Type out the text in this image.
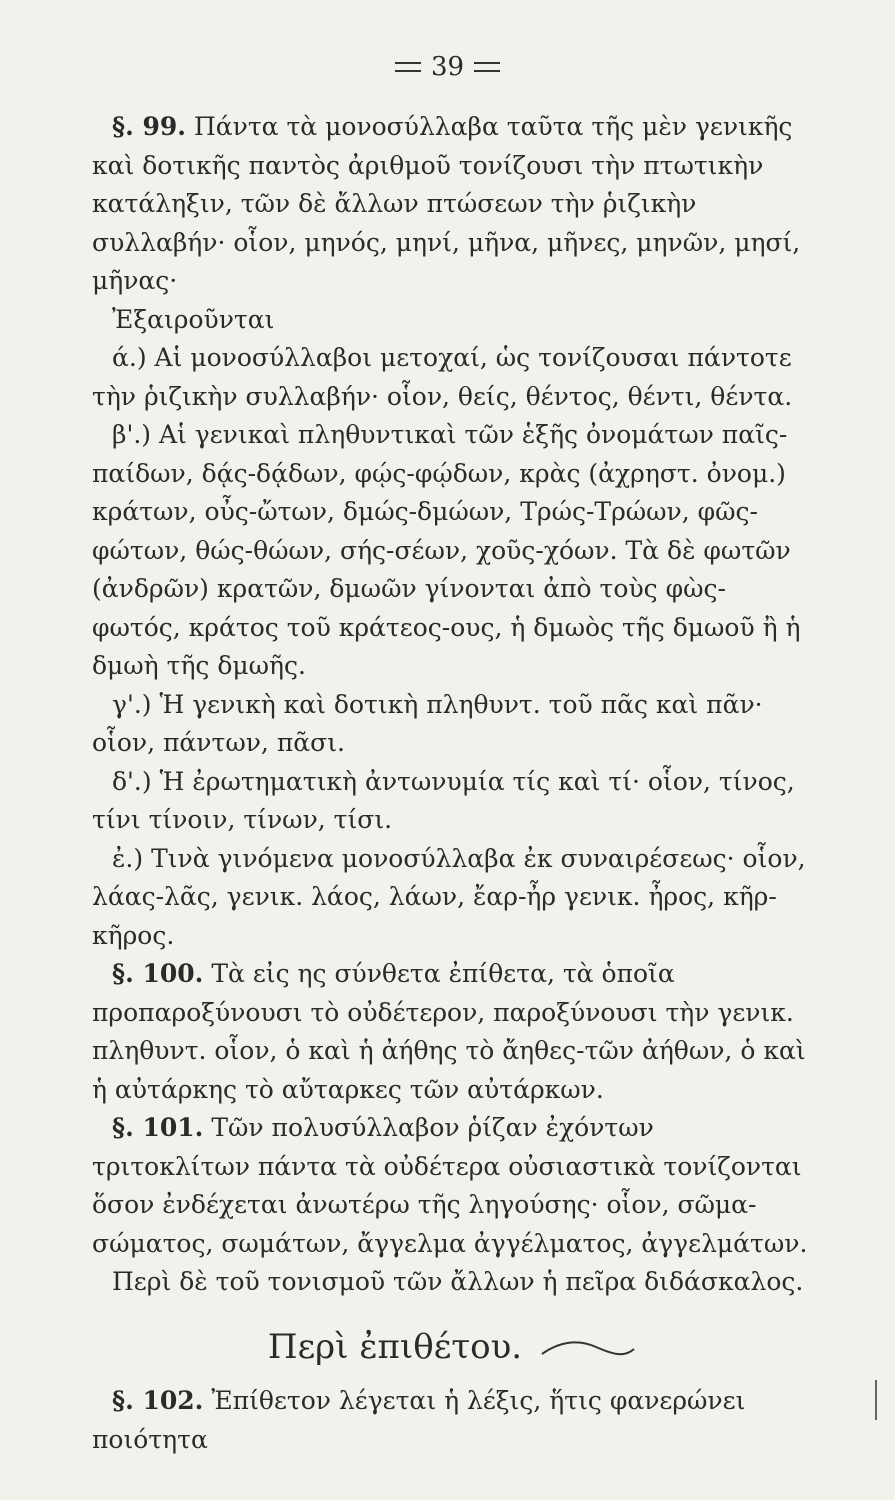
39

§. 99. Πάντα τὰ μονοσύλλαβα ταῦτα τῆς μὲν γενικῆς καὶ δοτικῆς παντὸς ἀριθμοῦ τονίζουσι τὴν πτωτικὴν κατάληξιν, τῶν δὲ ἄλλων πτώσεων τὴν ῥιζικὴν συλλαβήν· οἷον, μηνός, μηνί, μῆνα, μῆνες, μηνῶν, μησί, μῆνας·

Ἐξαιροῦνται

ά.) Αἱ μονοσύλλαβοι μετοχαί, ὡς τονίζουσαι πάντοτε τὴν ῥιζικὴν συλλαβήν· οἷον, θείς, θέντος, θέντι, θέντα.

β'.) Αἱ γενικαὶ πληθυντικαὶ τῶν ἑξῆς ὀνομάτων παῖς-παίδων, δᾴς-δᾴδων, φῴς-φῴδων, κρὰς (ἀχρηστ. ὀνομ.) κράτων, οὖς-ὤτων, δμώς-δμώων, Τρώς-Τρώων, φῶς-φώτων, θώς-θώων, σής-σέων, χοῦς-χόων. Τὰ δὲ φωτῶν (ἀνδρῶν) κρατῶν, δμωῶν γίνονται ἀπὸ τοὺς φὼς-φωτός, κράτος τοῦ κράτεος-ους, ἡ δμωὸς τῆς δμωοῦ ἢ ἡ δμωὴ τῆς δμωῆς.

γ'.) Ἡ γενικὴ καὶ δοτικὴ πληθυντ. τοῦ πᾶς καὶ πᾶν· οἷον, πάντων, πᾶσι.

δ'.) Ἡ ἐρωτηματικὴ ἀντωνυμία τίς καὶ τί· οἷον, τίνος, τίνι τίνοιν, τίνων, τίσι.

ἐ.) Τινὰ γινόμενα μονοσύλλαβα ἐκ συναιρέσεως· οἷον, λάας-λᾶς, γενικ. λάος, λάων, ἔαρ-ἦρ γενικ. ἦρος, κῆρ-κῆρος.

§. 100. Τὰ εἰς ης σύνθετα ἐπίθετα, τὰ ὁποῖα προπαροξύνουσι τὸ οὐδέτερον, παροξύνουσι τὴν γενικ. πληθυντ. οἷον, ὁ καὶ ἡ ἀήθης τὸ ἄηθες-τῶν ἀήθων, ὁ καὶ ἡ αὐτάρκης τὸ αὔταρκες τῶν αὐτάρκων.

§. 101. Τῶν πολυσύλλαβον ῥίζαν ἐχόντων τριτοκλίτων πάντα τὰ οὐδέτερα οὐσιαστικὰ τονίζονται ὅσον ἐνδέχεται ἀνωτέρω τῆς ληγούσης· οἷον, σῶμα-σώματος, σωμάτων, ἄγγελμα ἀγγέλματος, ἀγγελμάτων.

Περὶ δὲ τοῦ τονισμοῦ τῶν ἄλλων ἡ πεῖρα διδάσκαλος.

Περὶ ἐπιθέτου.

§. 102. Ἐπίθετον λέγεται ἡ λέξις, ἥτις φανερώνει ποιότητα
